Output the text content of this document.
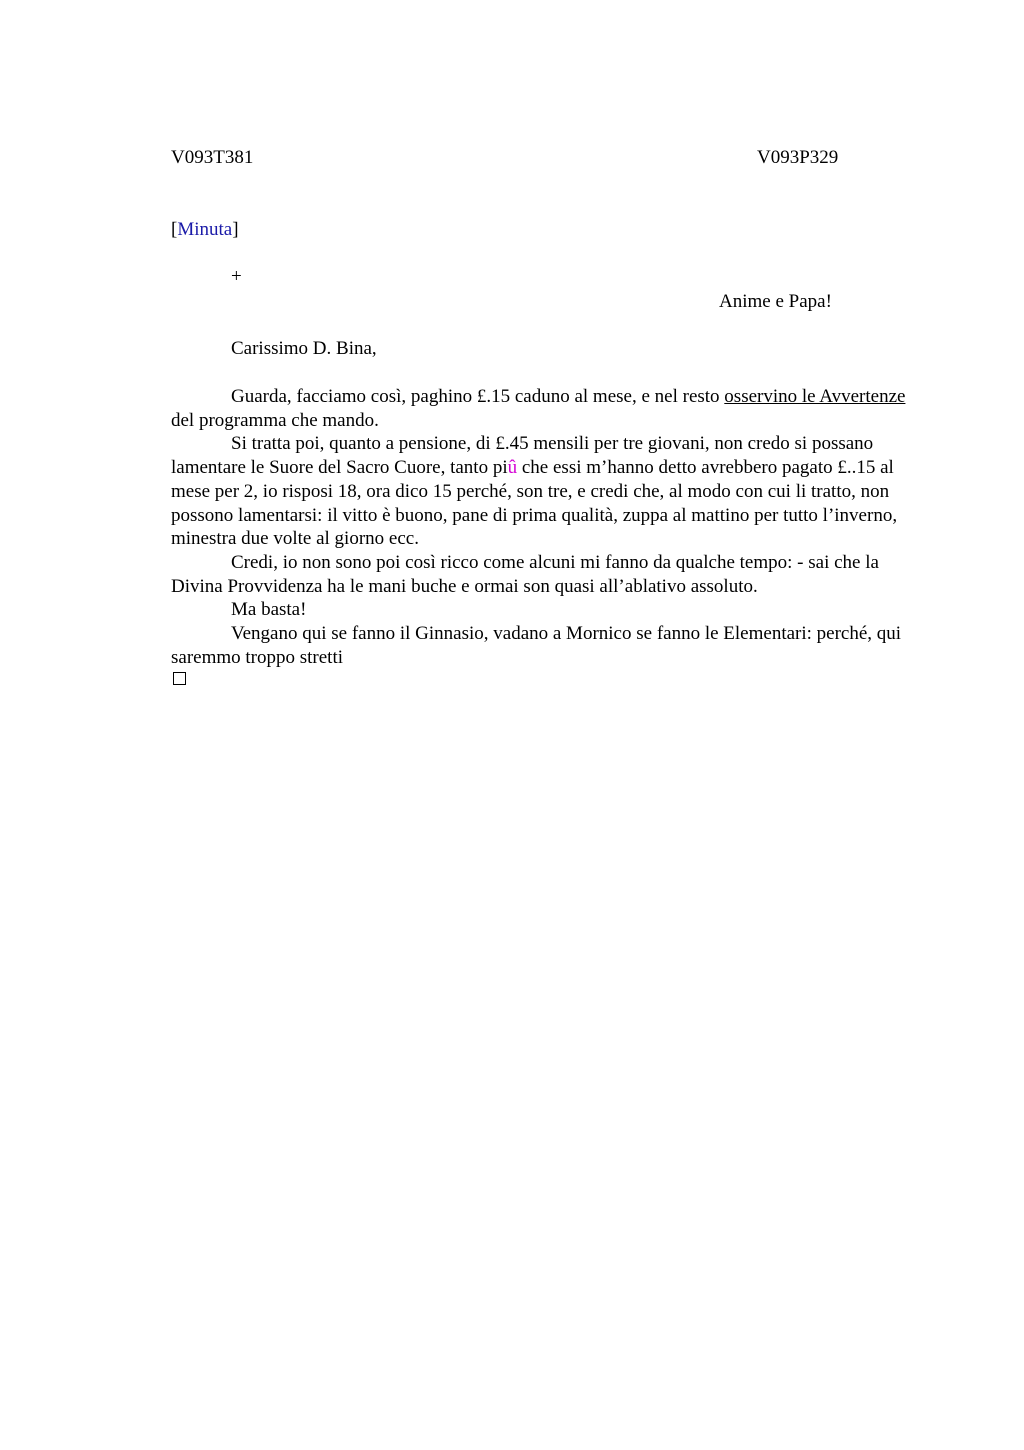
V093T381	V093P329
[Minuta]
+
Anime e Papa!
Carissimo D. Bina,

Guarda, facciamo così, paghino £.15 caduno al mese, e nel resto osservino le Avvertenze del programma che mando.

Si tratta poi, quanto a pensione, di £.45 mensili per tre giovani, non credo si possano lamentare le Suore del Sacro Cuore, tanto piû che essi m’hanno detto avrebbero pagato £..15 al mese per 2, io risposi 18, ora dico 15 perché, son tre, e credi che, al modo con cui li tratto, non possono lamentarsi: il vitto è buono, pane di prima qualità, zuppa al mattino per tutto l’inverno, minestra due volte al giorno ecc.

Credi, io non sono poi così ricco come alcuni mi fanno da qualche tempo: - sai che la Divina Provvidenza ha le mani buche e ormai son quasi all’ablativo assoluto.

Ma basta!

Vengano qui se fanno il Ginnasio, vadano a Mornico se fanno le Elementari: perché, qui saremmo troppo stretti
